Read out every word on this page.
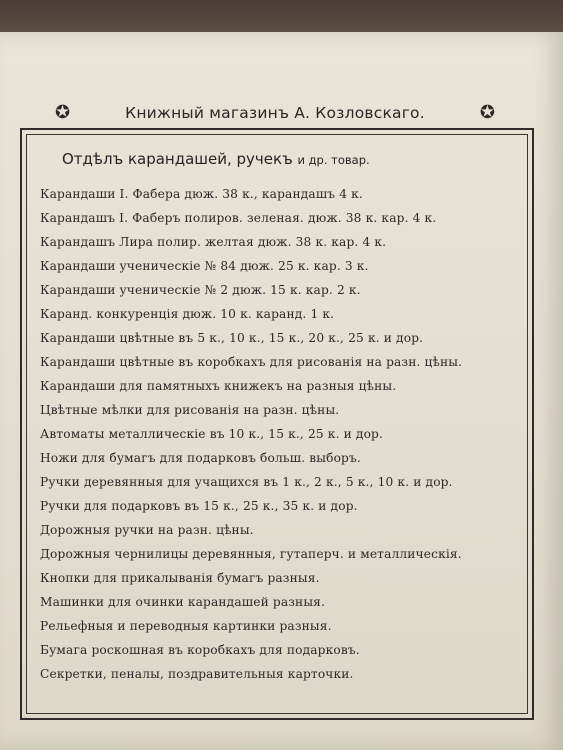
✪	Книжный магазинъ А. Козловскаго.	✪
Отдѣлъ карандашей, ручекъ и др. товар.
Карандаши І. Фабера дюж. 38 к., карандашъ 4 к.
Карандашъ І. Фаберъ полиров. зеленая. дюж. 38 к. кар. 4 к.
Карандашъ Лира полир. желтая дюж. 38 к. кар. 4 к.
Карандаши ученическіе № 84 дюж. 25 к. кар. 3 к.
Карандаши ученическіе № 2 дюж. 15 к. кар. 2 к.
Каранд. конкуренція дюж. 10 к. каранд. 1 к.
Карандаши цвѣтные въ 5 к., 10 к., 15 к., 20 к., 25 к. и дор.
Карандаши цвѣтные въ коробкахъ для рисованія на разн. цѣны.
Карандаши для памятныхъ книжекъ на разныя цѣны.
Цвѣтные мѣлки для рисованія на разн. цѣны.
Автоматы металлическіе въ 10 к., 15 к., 25 к. и дор.
Ножи для бумагъ для подарковъ больш. выборъ.
Ручки деревянныя для учащихся въ 1 к., 2 к., 5 к., 10 к. и дор.
Ручки для подарковъ въ 15 к., 25 к., 35 к. и дор.
Дорожныя ручки на разн. цѣны.
Дорожныя чернилицы деревянныя, гутаперч. и металлическія.
Кнопки для прикалыванія бумагъ разныя.
Машинки для очинки карандашей разныя.
Рельефныя и переводныя картинки разныя.
Бумага роскошная въ коробкахъ для подарковъ.
Секретки, пеналы, поздравительныя карточки.
